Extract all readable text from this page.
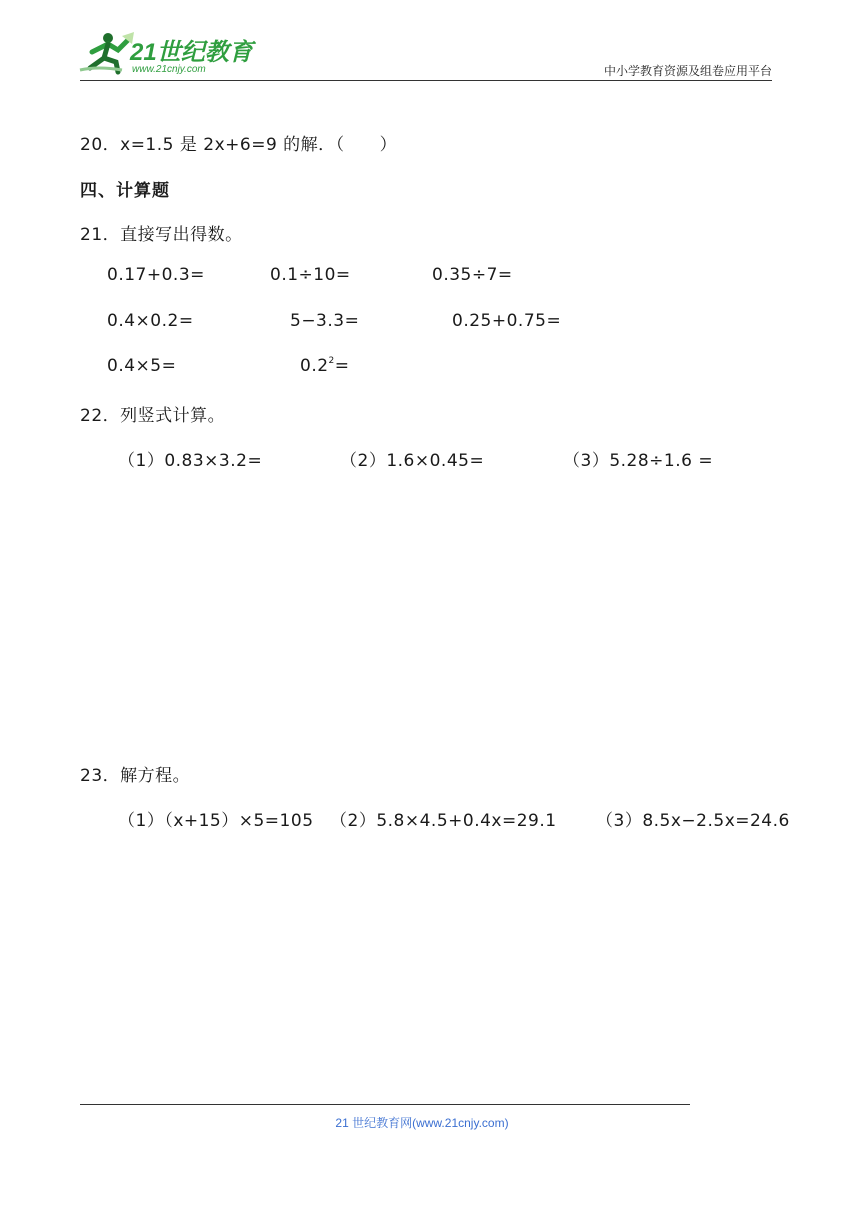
21世纪教育
www.21cnjy.com	中小学教育资源及组卷应用平台
20．x=1.5 是 2x+6=9 的解．（　　）
四、计算题
21．直接写出得数。
0.17+0.3=	0.1÷10=	0.35÷7=
0.4×0.2=	5−3.3=	0.25+0.75=
0.4×5=	$0.2^2=$
22．列竖式计算。
（1）0.83×3.2=	（2）1.6×0.45=	（3）5.28÷1.6 =
23．解方程。
（1）（x+15）×5=105 （2）5.8×4.5+0.4x=29.1 （3）8.5x−2.5x=24.6
21 世纪教育网(www.21cnjy.com)
